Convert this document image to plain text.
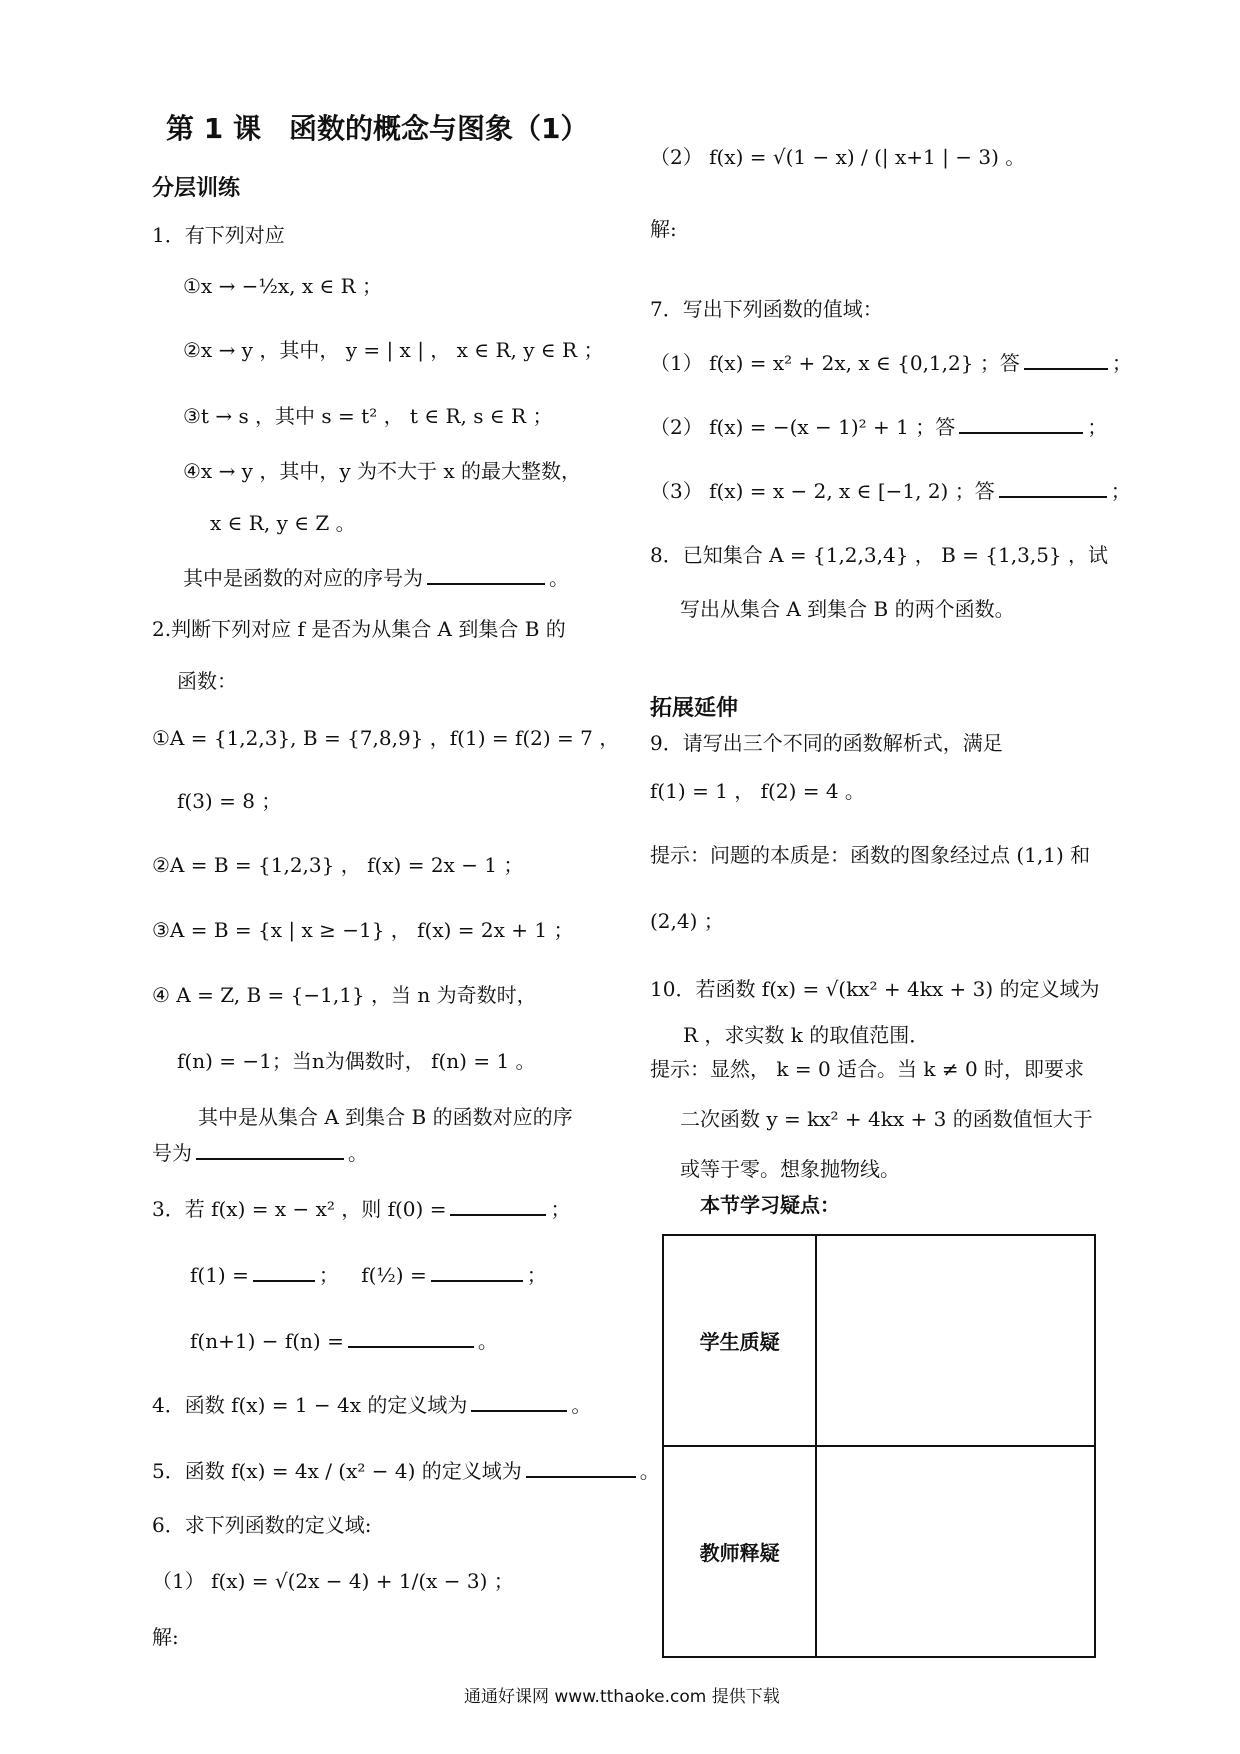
第 1 课　函数的概念与图象（1）
分层训练
1．有下列对应
①x → −½x, x ∈ R ；
②x → y ，其中， y = | x | ， x ∈ R, y ∈ R ；
③t → s ，其中 s = t² ， t ∈ R, s ∈ R ；
④x → y ，其中，y 为不大于 x 的最大整数，
x ∈ R, y ∈ Z 。
其中是函数的对应的序号为	。
2.判断下列对应 f 是否为从集合 A 到集合 B 的
函数：
①A = {1,2,3}, B = {7,8,9} ，f(1) = f(2) = 7 ，
f(3) = 8 ；
②A = B = {1,2,3} ， f(x) = 2x − 1 ；
③A = B = {x | x ≥ −1} ， f(x) = 2x + 1 ；
④ A = Z, B = {−1,1} ，当 n 为奇数时，
f(n) = −1；当n为偶数时， f(n) = 1 。
其中是从集合 A 到集合 B 的函数对应的序
号为	。
3．若 f(x) = x − x² ，则 f(0) =	；
f(1) =	； f(½) =	；
f(n+1) − f(n) =	。
4．函数 f(x) = 1 − 4x 的定义域为	。
5．函数 f(x) = 4x / (x² − 4) 的定义域为	。
6．求下列函数的定义域:
（1） f(x) = √(2x − 4) + 1/(x − 3) ；
解:
（2） f(x) = √(1 − x) / (| x+1 | − 3) 。
解:
7．写出下列函数的值域：
（1） f(x) = x² + 2x, x ∈ {0,1,2} ；答	；
（2） f(x) = −(x − 1)² + 1 ；答	；
（3） f(x) = x − 2, x ∈ [−1, 2) ；答	；
8．已知集合 A = {1,2,3,4} ， B = {1,3,5} ，试
写出从集合 A 到集合 B 的两个函数。
拓展延伸
9．请写出三个不同的函数解析式，满足
f(1) = 1 ， f(2) = 4 。
提示：问题的本质是：函数的图象经过点 (1,1) 和
(2,4) ；
10．若函数 f(x) = √(kx² + 4kx + 3) 的定义域为
R ，求实数 k 的取值范围．
提示：显然， k = 0 适合。当 k ≠ 0 时，即要求
二次函数 y = kx² + 4kx + 3 的函数值恒大于
或等于零。想象抛物线。
本节学习疑点：
学生质疑	
教师释疑	
通通好课网 www.tthaoke.com 提供下载
